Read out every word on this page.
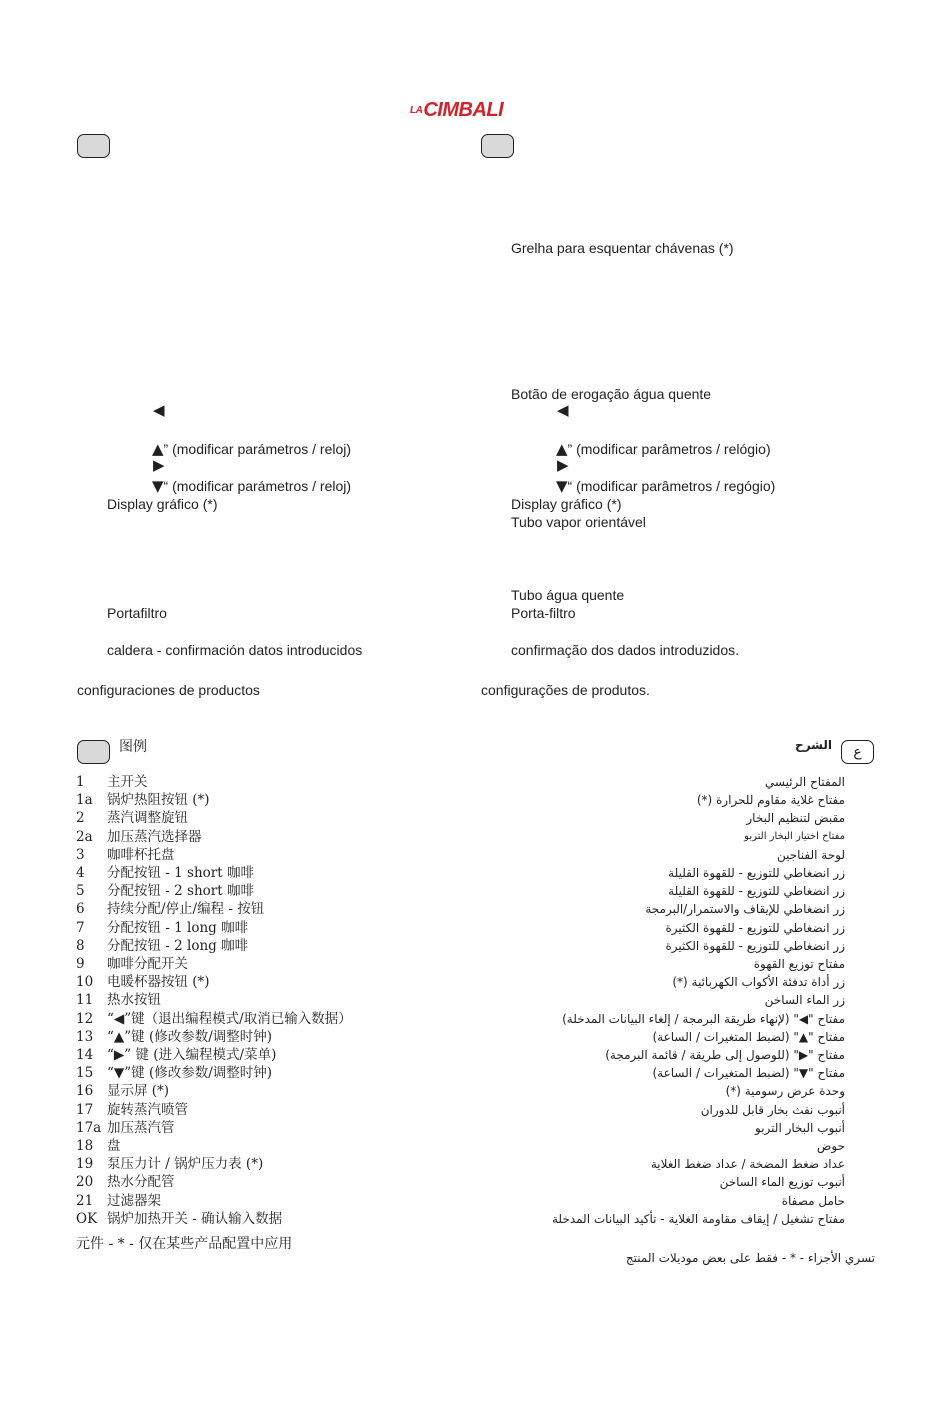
LACIMBALI
◀
▲” (modificar parámetros / reloj)
▶
▼“ (modificar parámetros / reloj)
Display gráfico (*)
Portafiltro
caldera - confirmación datos introducidos
configuraciones de productos
Grelha para esquentar chávenas (*)
Botão de erogação água quente
◀
▲” (modificar parâmetros / relógio)
▶
▼“ (modificar parâmetros / regógio)
Display gráfico (*)
Tubo vapor orientável
Tubo água quente
Porta-filtro
confirmação dos dados introduzidos.
configurações de produtos.
图例
1 主开关
1a 锅炉热阻按钮 (*)
2 蒸汽调整旋钮
2a 加压蒸汽选择器
3 咖啡杯托盘
4 分配按钮 - 1 short 咖啡
5 分配按钮 - 2 short 咖啡
6 持续分配/停止/编程 - 按钮
7 分配按钮 - 1 long 咖啡
8 分配按钮 - 2 long 咖啡
9 咖啡分配开关
10 电暖杯器按钮 (*)
11 热水按钮
12 “◀”键（退出编程模式/取消已输入数据）
13 “▲”键 (修改参数/调整时钟)
14 “▶” 键 (进入编程模式/菜单)
15 “▼”键 (修改参数/调整时钟)
16 显示屏 (*)
17 旋转蒸汽喷管
17a 加压蒸汽管
18 盘
19 泵压力计 / 锅炉压力表 (*)
20 热水分配管
21 过滤器架
OK 锅炉加热开关 - 确认输入数据
元件 - * - 仅在某些产品配置中应用
ع
الشرح
المفتاح الرئيسي
مفتاح غلاية مقاوم للحرارة (*)
مقبض لتنظيم البخار
مفتاح اختيار البخار التربو
لوحة الفناجين
زر انضغاطي للتوزيع - للقهوة القليلة
زر انضغاطي للتوزيع - للقهوة القليلة
زر انضغاطي للإيقاف والاستمرار/البرمجة
زر انضغاطي للتوزيع - للقهوة الكثيرة
زر انضغاطي للتوزيع - للقهوة الكثيرة
مفتاح توزيع القهوة
زر أداة تدفئة الأكواب الكهربائية (*)
زر الماء الساخن
مفتاح "◀" (لإنهاء طريقة البرمجة / إلغاء البيانات المدخلة)
مفتاح "▲" (لضبط المتغيرات / الساعة)
مفتاح "▶" (للوصول إلى طريقة / قائمة البرمجة)
مفتاح "▼" (لضبط المتغيرات / الساعة)
وحدة عرض رسومية (*)
أنبوب نفث بخار قابل للدوران
أنبوب البخار التربو
حوض
عداد ضغط المضخة / عداد ضغط الغلاية
أنبوب توزيع الماء الساخن
حامل مصفاة
مفتاح تشغيل / إيقاف مقاومة الغلاية - تأكيد البيانات المدخلة
تسري الأجزاء - * - فقط على بعض موديلات المنتج
